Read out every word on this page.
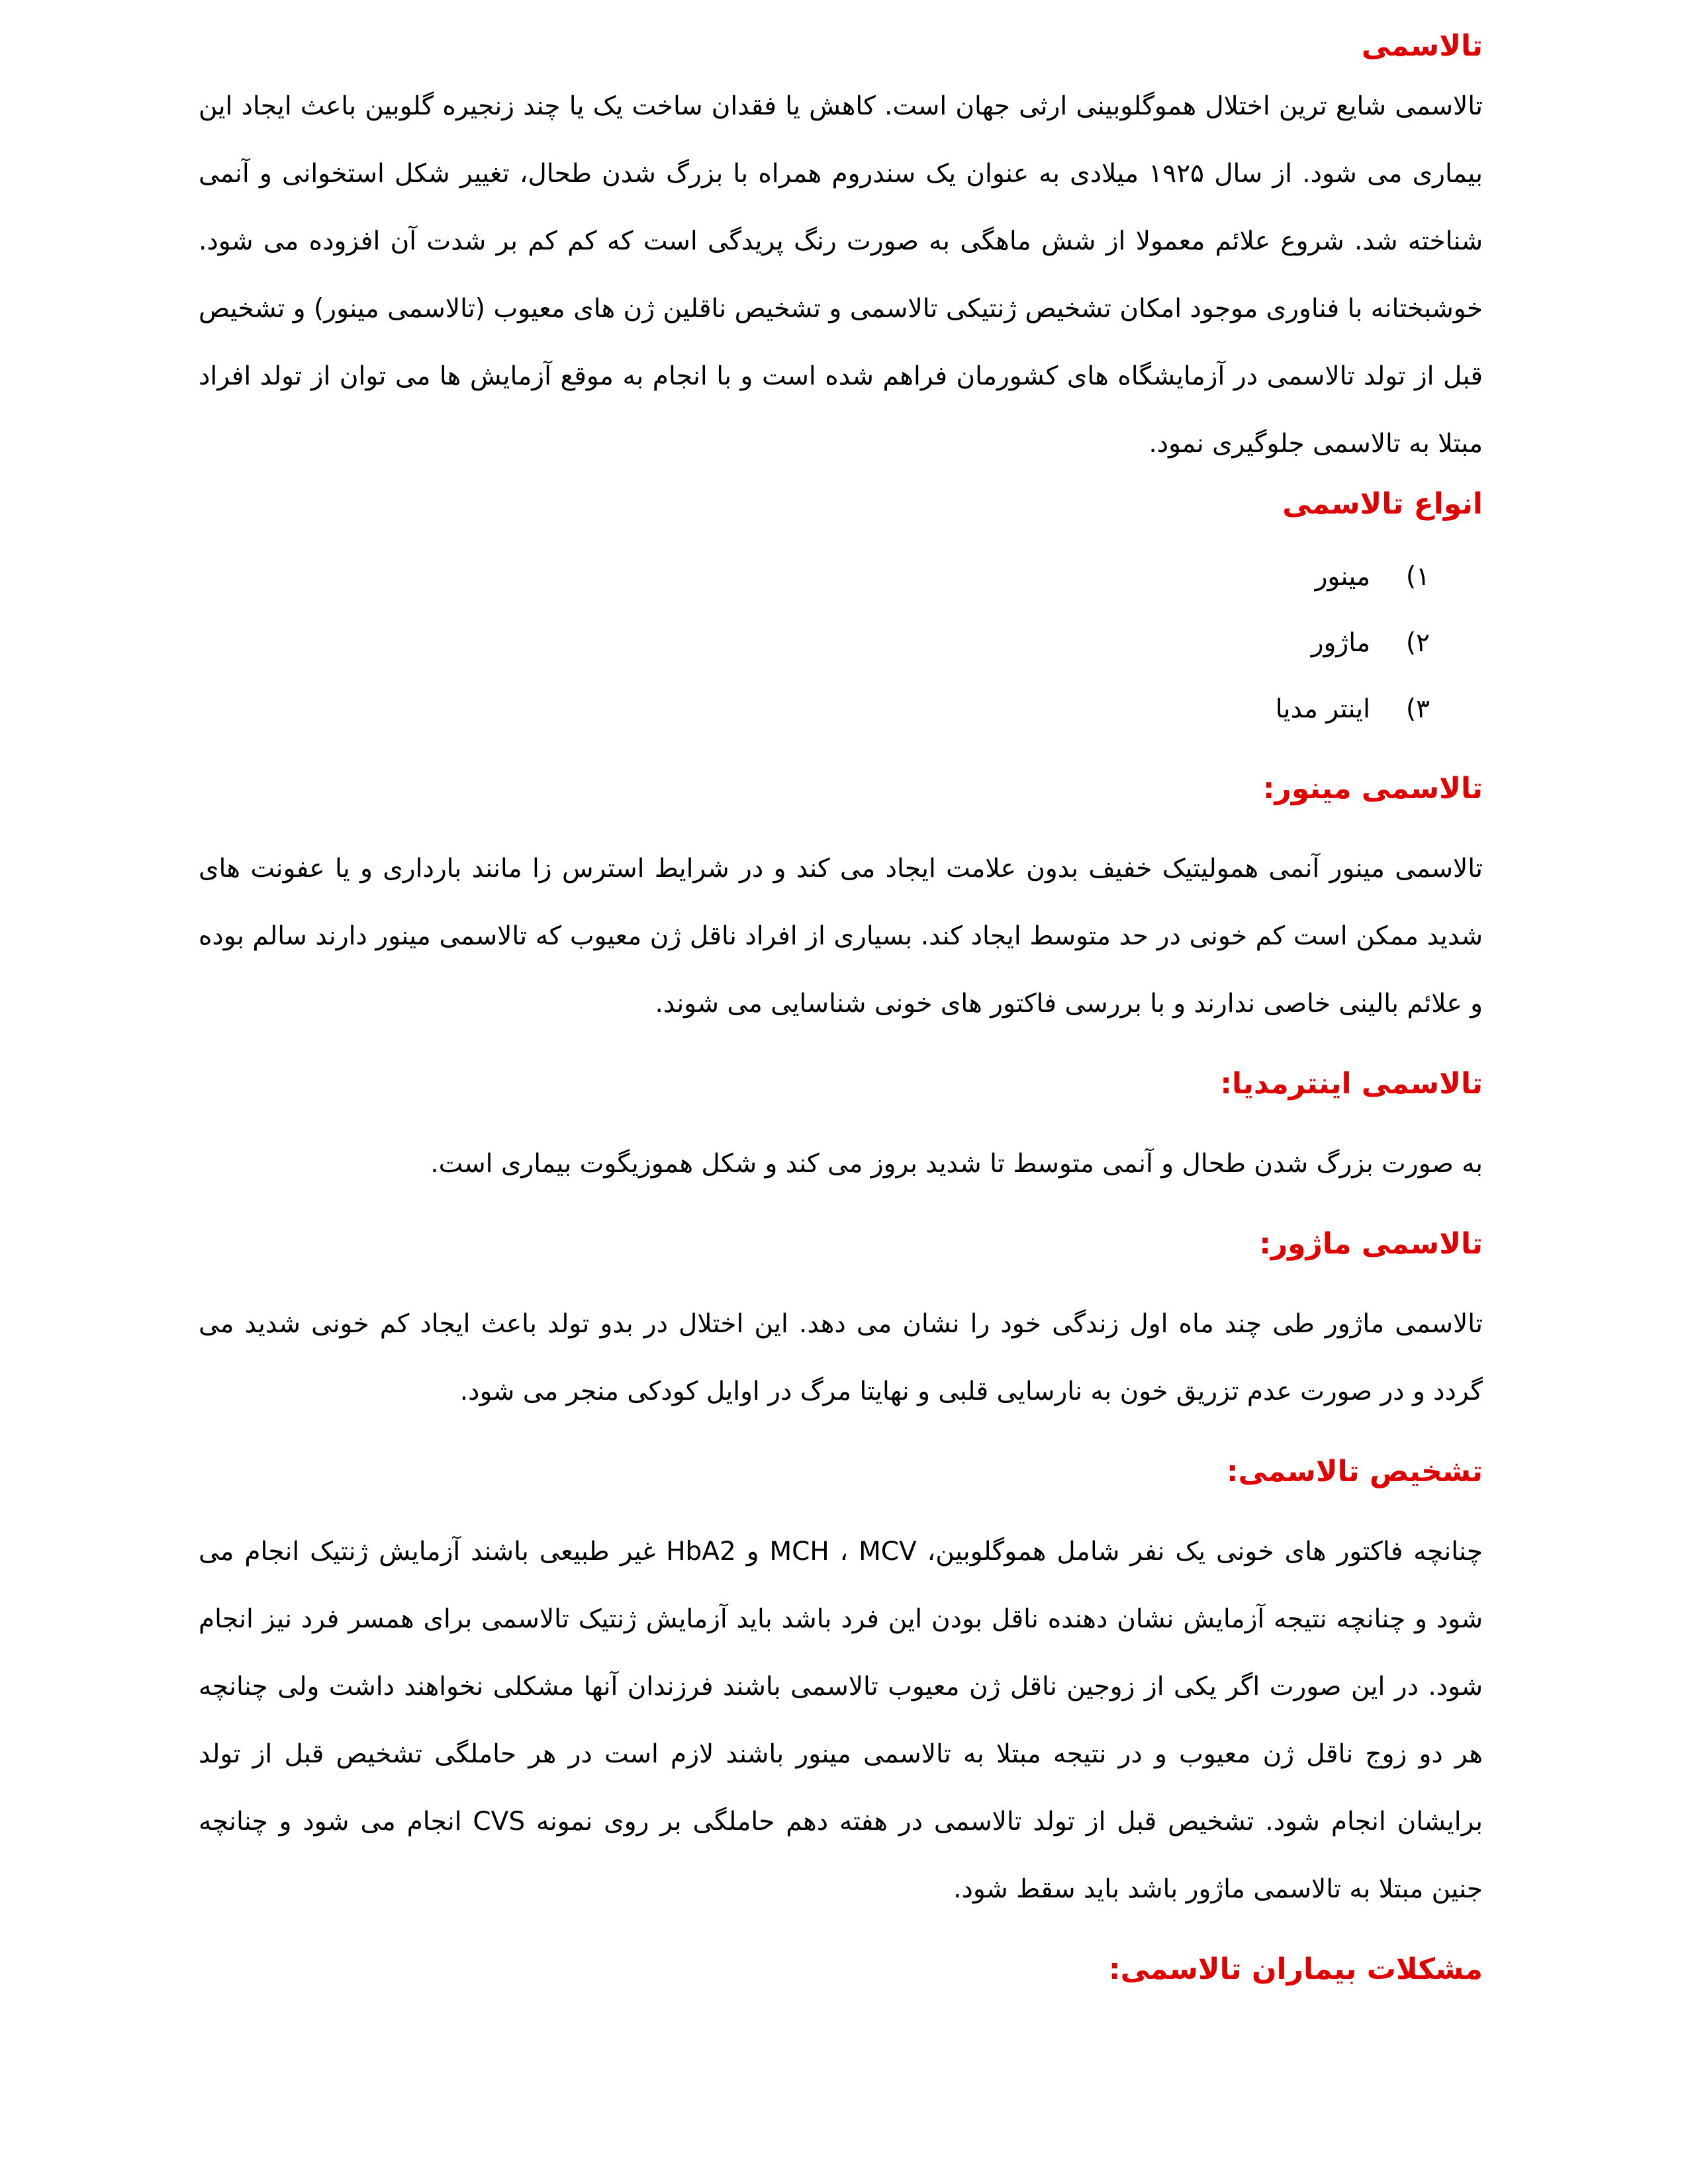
تالاسمی

تالاسمی شایع ترین اختلال هموگلوبینی ارثی جهان است. کاهش یا فقدان ساخت یک یا چند زنجیره گلوبین باعث ایجاد این بیماری می شود. از سال ۱۹۲۵ میلادی به عنوان یک سندروم همراه با بزرگ شدن طحال، تغییر شکل استخوانی و آنمی شناخته شد. شروع علائم معمولا از شش ماهگی به صورت رنگ پریدگی است که کم کم بر شدت آن افزوده می شود. خوشبختانه با فناوری موجود امکان تشخیص ژنتیکی تالاسمی و تشخیص ناقلین ژن های معیوب (تالاسمی مینور) و تشخیص قبل از تولد تالاسمی در آزمایشگاه های کشورمان فراهم شده است و با انجام به موقع آزمایش ها می توان از تولد افراد مبتلا به تالاسمی جلوگیری نمود.

انواع تالاسمی
۱)
مینور
۲)
ماژور
۳)
اینتر مدیا
تالاسمی مینور:

تالاسمی مینور آنمی همولیتیک خفیف بدون علامت ایجاد می کند و در شرایط استرس زا مانند بارداری و یا عفونت های شدید ممکن است کم خونی در حد متوسط ایجاد کند. بسیاری از افراد ناقل ژن معیوب که تالاسمی مینور دارند سالم بوده و علائم بالینی خاصی ندارند و با بررسی فاکتور های خونی شناسایی می شوند.

تالاسمی اینترمدیا:

به صورت بزرگ شدن طحال و آنمی متوسط تا شدید بروز می کند و شکل هموزیگوت بیماری است.

تالاسمی ماژور:

تالاسمی ماژور طی چند ماه اول زندگی خود را نشان می دهد. این اختلال در بدو تولد باعث ایجاد کم خونی شدید می گردد و در صورت عدم تزریق خون به نارسایی قلبی و نهایتا مرگ در اوایل کودکی منجر می شود.

تشخیص تالاسمی:

چنانچه فاکتور های خونی یک نفر شامل هموگلوبین، MCH ، MCV و HbA2 غیر طبیعی باشند آزمایش ژنتیک انجام می شود و چنانچه نتیجه آزمایش نشان دهنده ناقل بودن این فرد باشد باید آزمایش ژنتیک تالاسمی برای همسر فرد نیز انجام شود. در این صورت اگر یکی از زوجین ناقل ژن معیوب تالاسمی باشند فرزندان آنها مشکلی نخواهند داشت ولی چنانچه هر دو زوج ناقل ژن معیوب و در نتیجه مبتلا به تالاسمی مینور باشند لازم است در هر حاملگی تشخیص قبل از تولد برایشان انجام شود. تشخیص قبل از تولد تالاسمی در هفته دهم حاملگی بر روی نمونه CVS انجام می شود و چنانچه جنین مبتلا به تالاسمی ماژور باشد باید سقط شود.

مشکلات بیماران تالاسمی:
